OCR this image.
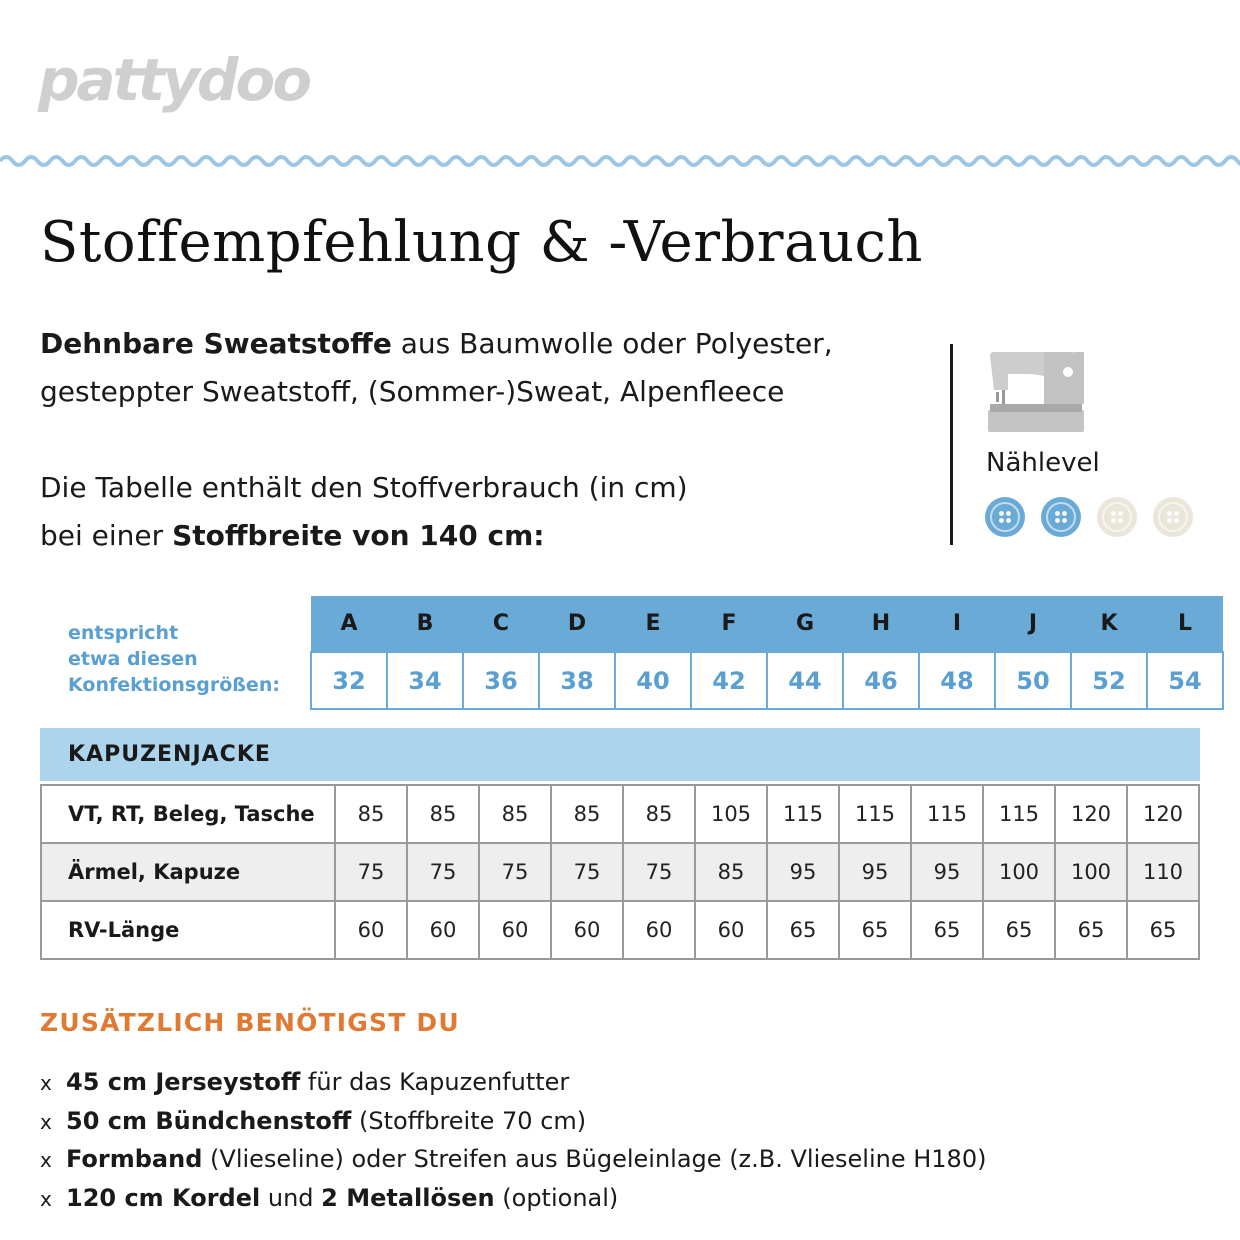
pattydoo
Stoffempfehlung & -Verbrauch
Dehnbare Sweatstoffe aus Baumwolle oder Polyester,
gesteppter Sweatstoff, (Sommer-)Sweat, Alpenfleece
Die Tabelle enthält den Stoffverbrauch (in cm)
bei einer Stoffbreite von 140 cm:
Nählevel
entspricht
etwa diesen
Konfektionsgrößen:
A	B	C	D	E	F	G	H	I	J	K	L
32	34	36	38	40	42	44	46	48	50	52	54
KAPUZENJACKE
VT, RT, Beleg, Tasche	85	85	85	85	85	105	115	115	115	115	120	120
Ärmel, Kapuze	75	75	75	75	75	85	95	95	95	100	100	110
RV-Länge	60	60	60	60	60	60	65	65	65	65	65	65
ZUSÄTZLICH BENÖTIGST DU
x 45 cm Jerseystoff für das Kapuzenfutter
x 50 cm Bündchenstoff (Stoffbreite 70 cm)
x Formband (Vlieseline) oder Streifen aus Bügeleinlage (z.B. Vlieseline H180)
x 120 cm Kordel und 2 Metallösen (optional)
